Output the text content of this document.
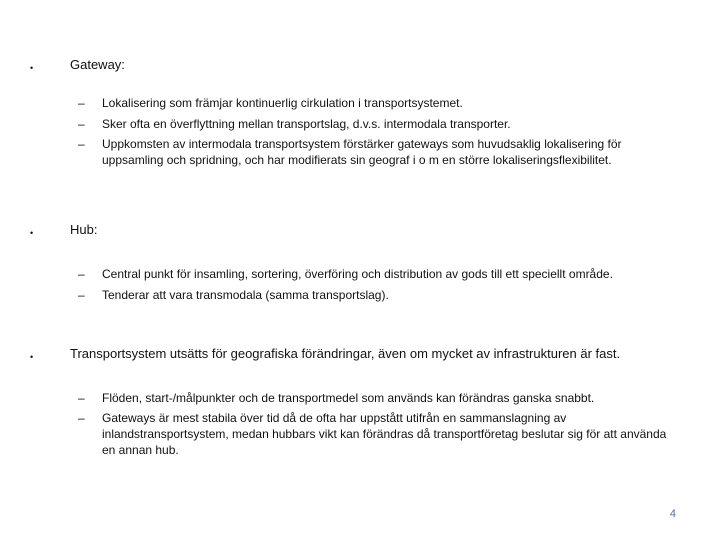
•	Gateway:
– Lokalisering som främjar kontinuerlig cirkulation i transportsystemet.
– Sker ofta en överflyttning mellan transportslag, d.v.s. intermodala transporter.
– Uppkomsten av intermodala transportsystem förstärker gateways som huvudsaklig lokalisering för uppsamling och spridning, och har modifierats sin geograf i o m en större lokaliseringsflexibilitet.
•	Hub:
– Central punkt för insamling, sortering, överföring och distribution av gods till ett speciellt område.
– Tenderar att vara transmodala (samma transportslag).
•	Transportsystem utsätts för geografiska förändringar, även om mycket av infrastrukturen är fast.
– Flöden, start-/målpunkter och de transportmedel som används kan förändras ganska snabbt.
– Gateways är mest stabila över tid då de ofta har uppstått utifrån en sammanslagning av inlandstransportsystem, medan hubbars vikt kan förändras då transportföretag beslutar sig för att använda en annan hub.
4
